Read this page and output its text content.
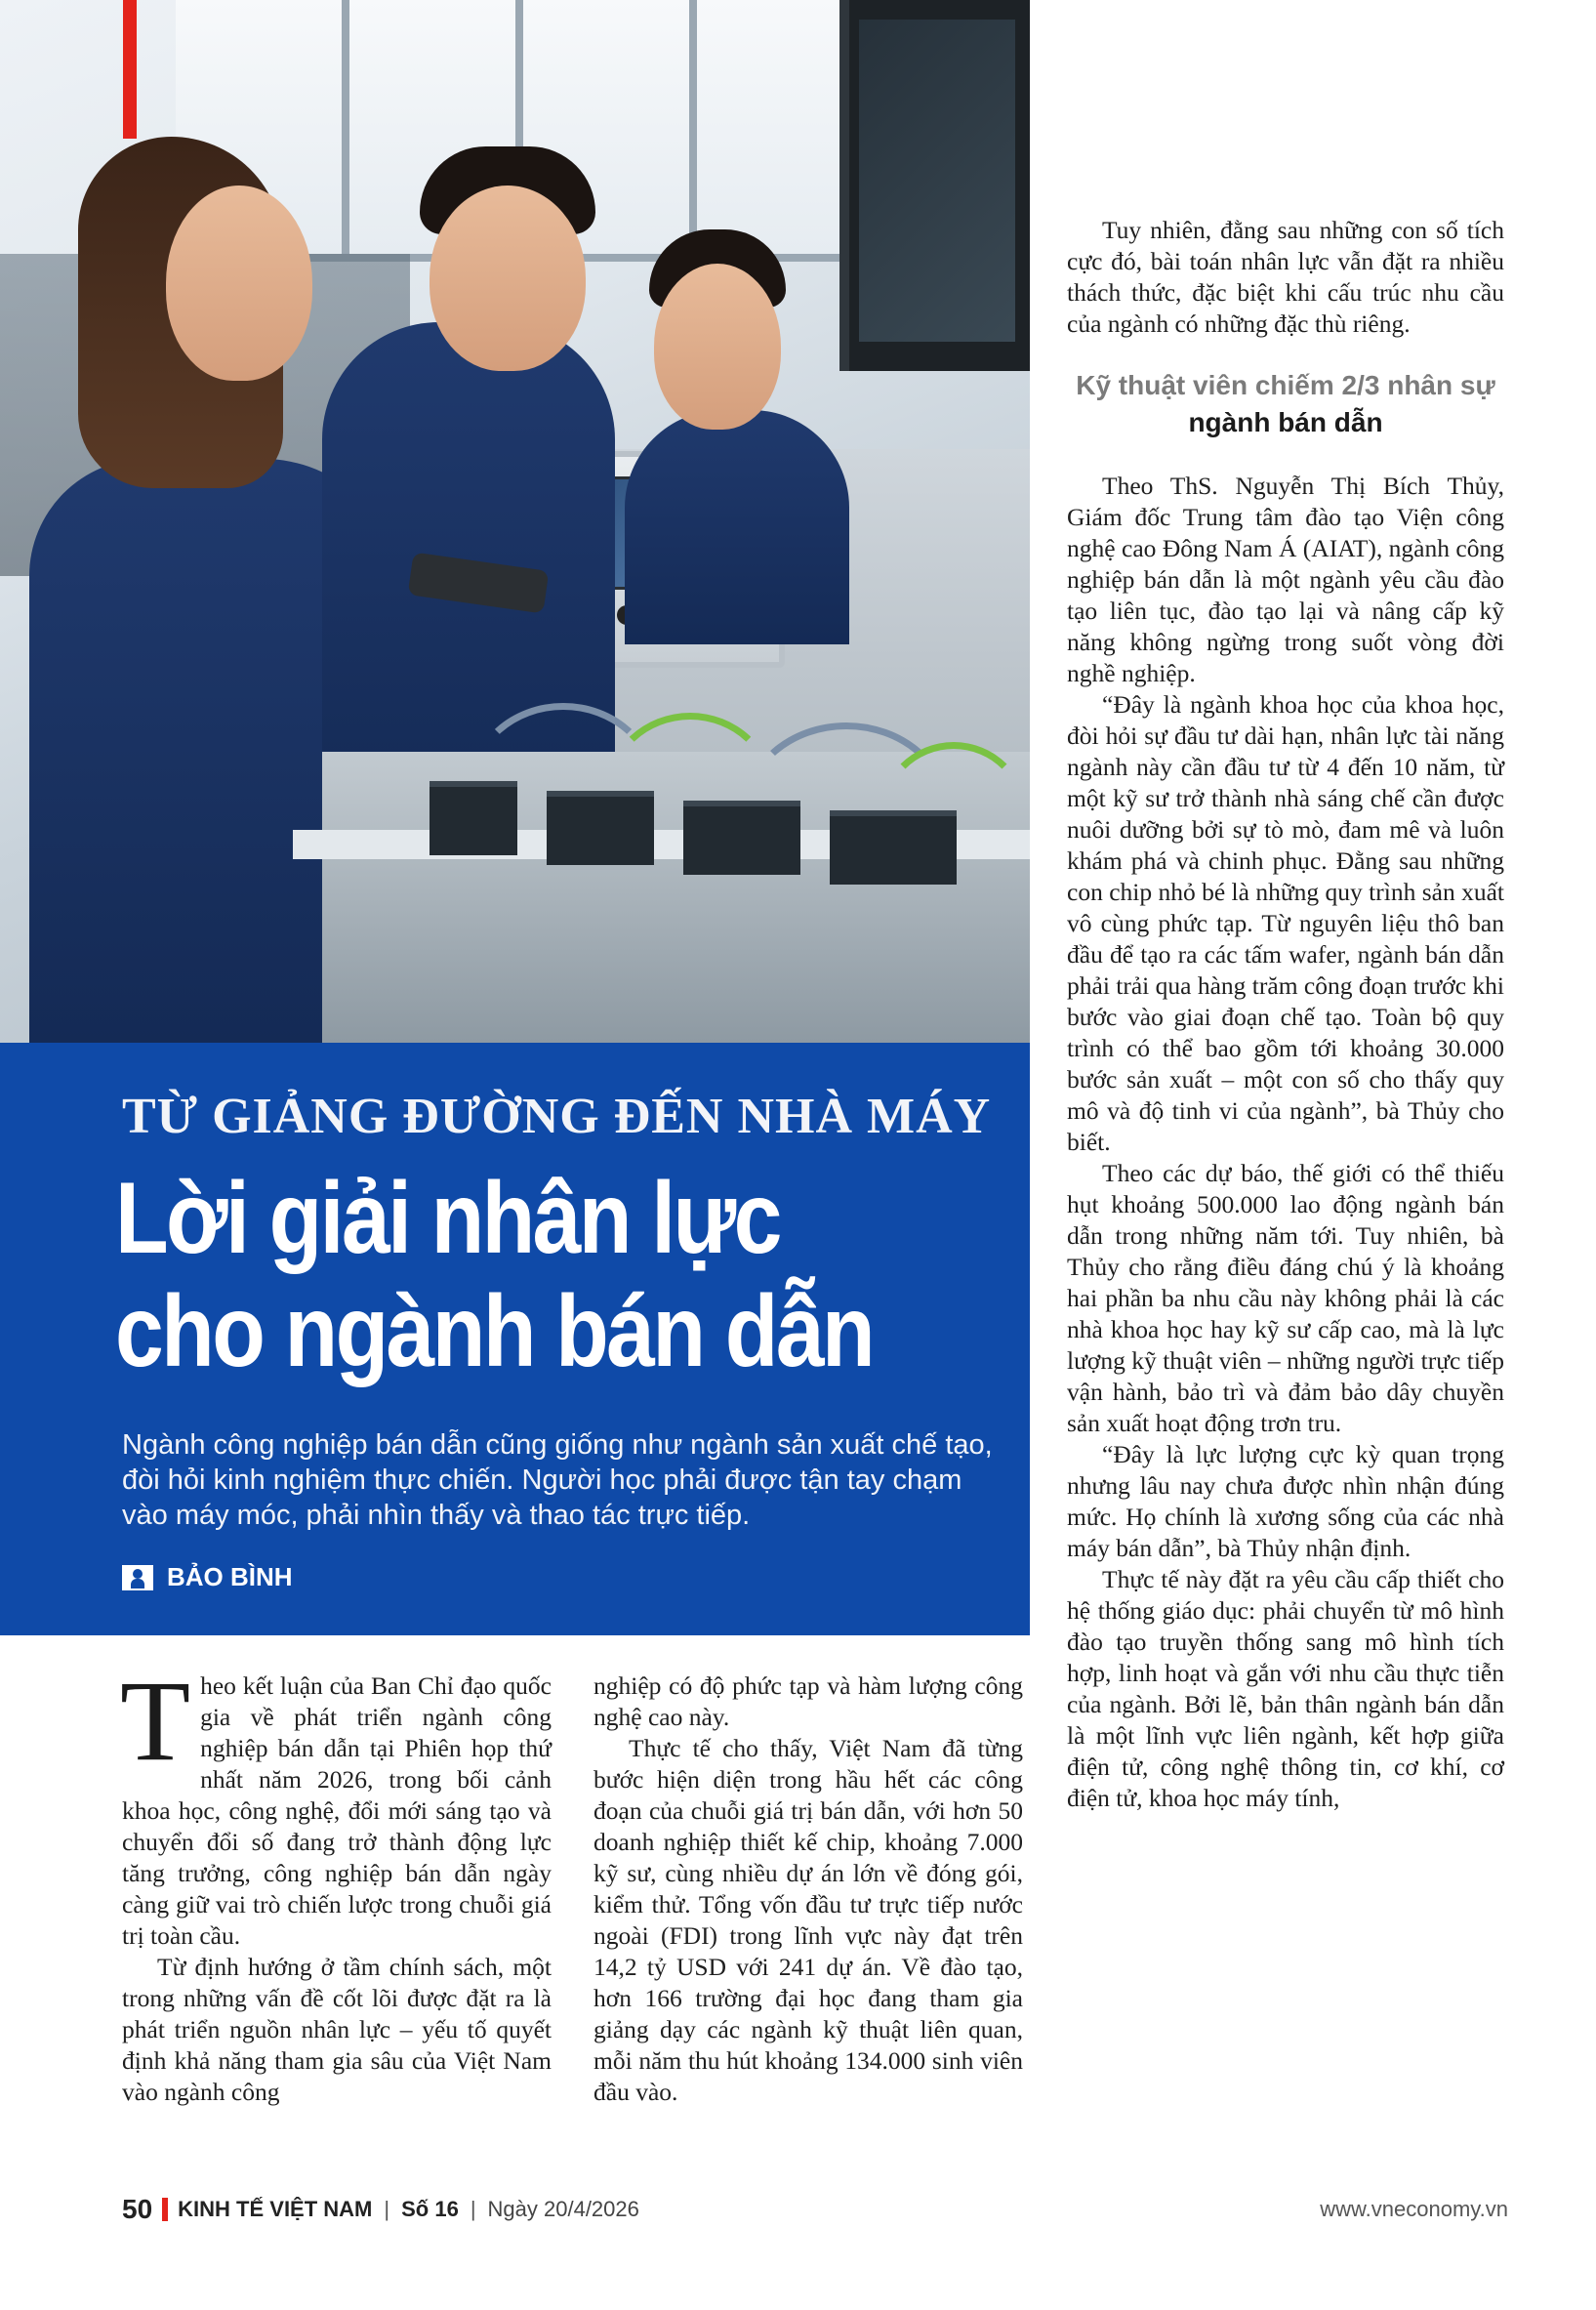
TỪ GIẢNG ĐƯỜNG ĐẾN NHÀ MÁY
Lời giải nhân lực
cho ngành bán dẫn
Ngành công nghiệp bán dẫn cũng giống như ngành sản xuất chế tạo, đòi hỏi kinh nghiệm thực chiến. Người học phải được tận tay chạm vào máy móc, phải nhìn thấy và thao tác trực tiếp.
BẢO BÌNH

Theo kết luận của Ban Chỉ đạo quốc gia về phát triển ngành công nghiệp bán dẫn tại Phiên họp thứ nhất năm 2026, trong bối cảnh khoa học, công nghệ, đổi mới sáng tạo và chuyển đổi số đang trở thành động lực tăng trưởng, công nghiệp bán dẫn ngày càng giữ vai trò chiến lược trong chuỗi giá trị toàn cầu.

Từ định hướng ở tầm chính sách, một trong những vấn đề cốt lõi được đặt ra là phát triển nguồn nhân lực – yếu tố quyết định khả năng tham gia sâu của Việt Nam vào ngành công

nghiệp có độ phức tạp và hàm lượng công nghệ cao này.

Thực tế cho thấy, Việt Nam đã từng bước hiện diện trong hầu hết các công đoạn của chuỗi giá trị bán dẫn, với hơn 50 doanh nghiệp thiết kế chip, khoảng 7.000 kỹ sư, cùng nhiều dự án lớn về đóng gói, kiểm thử. Tổng vốn đầu tư trực tiếp nước ngoài (FDI) trong lĩnh vực này đạt trên 14,2 tỷ USD với 241 dự án. Về đào tạo, hơn 166 trường đại học đang tham gia giảng dạy các ngành kỹ thuật liên quan, mỗi năm thu hút khoảng 134.000 sinh viên đầu vào.

Tuy nhiên, đằng sau những con số tích cực đó, bài toán nhân lực vẫn đặt ra nhiều thách thức, đặc biệt khi cấu trúc nhu cầu của ngành có những đặc thù riêng.

Kỹ thuật viên chiếm 2/3 nhân sự
ngành bán dẫn

Theo ThS. Nguyễn Thị Bích Thủy, Giám đốc Trung tâm đào tạo Viện công nghệ cao Đông Nam Á (AIAT), ngành công nghiệp bán dẫn là một ngành yêu cầu đào tạo liên tục, đào tạo lại và nâng cấp kỹ năng không ngừng trong suốt vòng đời nghề nghiệp.

“Đây là ngành khoa học của khoa học, đòi hỏi sự đầu tư dài hạn, nhân lực tài năng ngành này cần đầu tư từ 4 đến 10 năm, từ một kỹ sư trở thành nhà sáng chế cần được nuôi dưỡng bởi sự tò mò, đam mê và luôn khám phá và chinh phục. Đằng sau những con chip nhỏ bé là những quy trình sản xuất vô cùng phức tạp. Từ nguyên liệu thô ban đầu để tạo ra các tấm wafer, ngành bán dẫn phải trải qua hàng trăm công đoạn trước khi bước vào giai đoạn chế tạo. Toàn bộ quy trình có thể bao gồm tới khoảng 30.000 bước sản xuất – một con số cho thấy quy mô và độ tinh vi của ngành”, bà Thủy cho biết.

Theo các dự báo, thế giới có thể thiếu hụt khoảng 500.000 lao động ngành bán dẫn trong những năm tới. Tuy nhiên, bà Thủy cho rằng điều đáng chú ý là khoảng hai phần ba nhu cầu này không phải là các nhà khoa học hay kỹ sư cấp cao, mà là lực lượng kỹ thuật viên – những người trực tiếp vận hành, bảo trì và đảm bảo dây chuyền sản xuất hoạt động trơn tru.

“Đây là lực lượng cực kỳ quan trọng nhưng lâu nay chưa được nhìn nhận đúng mức. Họ chính là xương sống của các nhà máy bán dẫn”, bà Thủy nhận định.

Thực tế này đặt ra yêu cầu cấp thiết cho hệ thống giáo dục: phải chuyển từ mô hình đào tạo truyền thống sang mô hình tích hợp, linh hoạt và gắn với nhu cầu thực tiễn của ngành. Bởi lẽ, bản thân ngành bán dẫn là một lĩnh vực liên ngành, kết hợp giữa điện tử, công nghệ thông tin, cơ khí, cơ điện tử, khoa học máy tính,

50 KINH TẾ VIỆT NAM | Số 16 | Ngày 20/4/2026	www.vneconomy.vn
